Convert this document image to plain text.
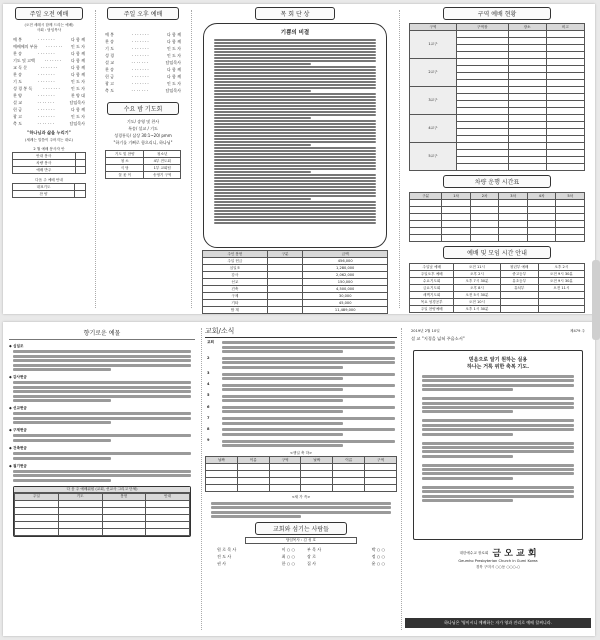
주일 오전 예배
(오전 세레시 함께 드리는 예배)
사회 : 담임목사
예 봉	· · · · · · ·	다 함 께
예배에의 부름 · · · · · · · 인 도 자
찬 송	· · · · · · ·	다 함 께
기도 및 고백 · · · · · · · 다 함 께
교 독 문	· · · · · · ·	다 함 께
찬 송	· · · · · · ·	다 함 께
기 도	· · · · · · ·	인 도 자
성 경 봉 독	· · · · · · ·	인 도 자
찬 양	· · · · · · ·	찬 양 대
설 교	· · · · · · ·	담임목사
헌 금	· · · · · · ·	다 함 께
광 고	· · · · · · ·	인 도 자
축 도	· · · · · · ·	담임목사
"하나님과 삶을 누리기"
(세례는 말씀이 주어지는 대로)
2 월 예배 봉사자 안
안내 봉사	
차량 봉사	
예배 반주	
다음 주 예배 안내
대표기도	
찬 양	
주일 오후 예배
예 봉	· · · · · · ·	다 함 께
찬 송	· · · · · · ·	다 함 께
기 도	· · · · · · ·	인 도 자
성 경	· · · · · · ·	인 도 자
설 교	· · · · · · ·	담임목사
찬 송	· · · · · · ·	다 함 께
헌 금	· · · · · · ·	다 함 께
광 고	· · · · · · ·	인 도 자
축 도	· · · · · · ·	담임목사
수요 밤 기도회
기도/ 송영 및 찬사
특송/ 설교 / 기도
성경통독/ 삼상 30:1~20/ pmm
"하기를 기뻐로 함으리니, 하나님"
기도 및 찬양	청소년
청 소	4부 전도회
식 당	1부 교회팀
꽃 꽂 이	송영기 구역
목 회 단 상
기쁨의 비결
주인 봉헌	구분	금액
주일 헌금		456,000
십일조		1,280,000
감사		2,062,000
선교		150,000
건축		4,500,000
구제		30,000
기타		45,000
합 계		11,489,000
구역 예배 현황
구역	구역장	장소	비고
1교구			

2교구			

3교구			

4교구			

5교구			

차량 운행 시간표
구분	1차	2차	3차	4차	5차

예배 및 모임 시간 안내
주일낮 예배	오전 11시	청년부 예배	오후 2시
주일오후 예배	오후 2시	중고등부	오전 9시 30분
수요기도회	오후 7시 30분	유초등부	오전 9시 30분
금요기도회	오후 8시	유치부	오전 11시
새벽기도회	오전 5시 30분		
목요 성경공부	오전 10시		
주일 찬양예배	오후 1시 30분		
향기로운 예물
◆ 십일조
◆ 감사헌금
◆ 선교헌금
◆ 구제헌금
◆ 건축헌금
◆ 절기헌금
다 음 주 예배위원 (교회, 선교사 그리고 단체)
주일	기도	봉헌	안내

교회/소식
교회
2
3
4
5
6
7
8
9
<생일 축 하>
날짜	이름	구역	날짜	이름	구역

<새 가 족>
교회와 섬기는 사람들
담임목사 : 김 성 호
원 로 목 사	이 ○ ○	부 목 사	박 ○ ○
전 도 사	최 ○ ○	장 로	정 ○ ○
권 사	한 ○ ○	집 사	윤 ○ ○
2019년 2월 10일	제479 주
설 교 "지경을 넓혀 주옵소서"
믿음으로 알기 원하는 실용
하나는 거룩 위한 축복 기도.
대한예수교 장로회 금 오 교 회
Geumho Presbyterian Church in Gumi Korea
경북 구미시 ○○동 ○○○-○
하나님은 '영이시니 예배하는 자가 영과 진리로 예배 할찌니라.
